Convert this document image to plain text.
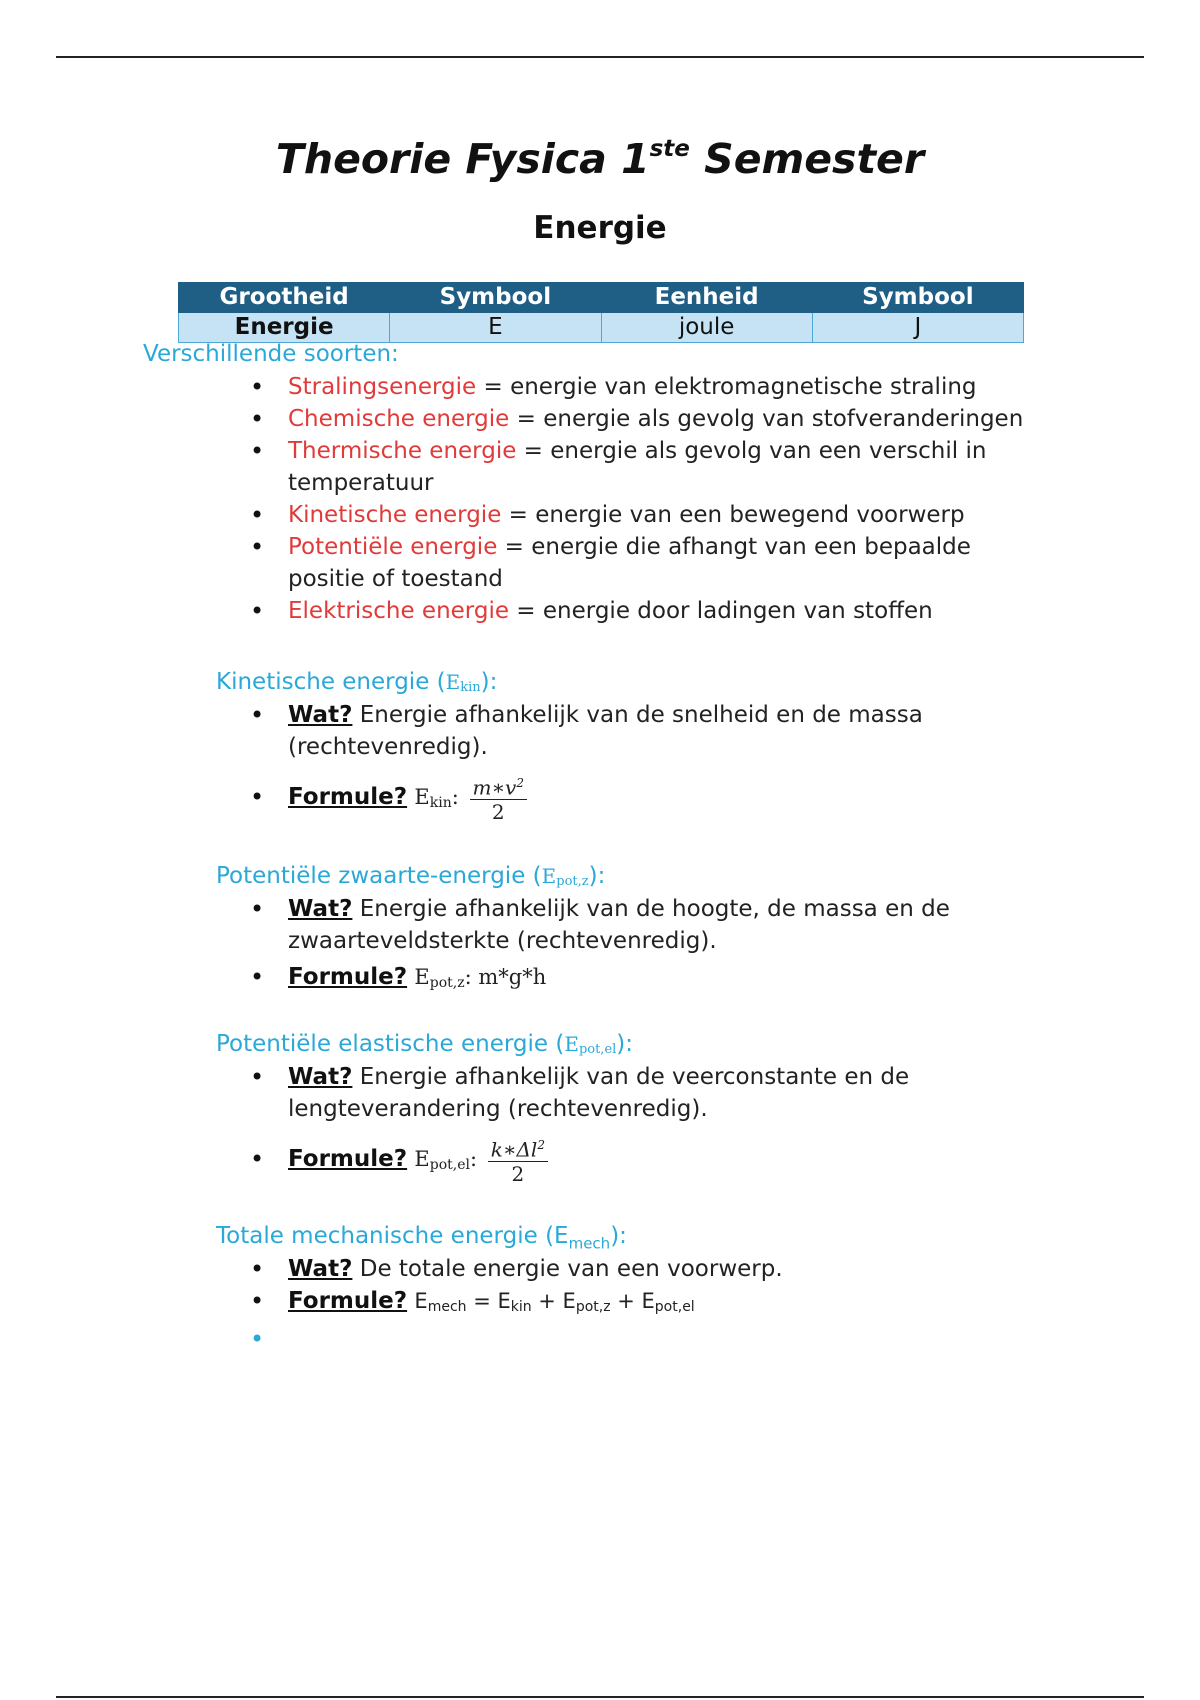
Theorie Fysica 1ste Semester
Energie
Grootheid	Symbool	Eenheid	Symbool
Energie	E	joule	J
Verschillende soorten:
• Stralingsenergie = energie van elektromagnetische straling
• Chemische energie = energie als gevolg van stofveranderingen
• Thermische energie = energie als gevolg van een verschil in temperatuur
• Kinetische energie = energie van een bewegend voorwerp
• Potentiële energie = energie die afhangt van een bepaalde positie of toestand
• Elektrische energie = energie door ladingen van stoffen
Kinetische energie $(E_{kin})$:
• Wat? Energie afhankelijk van de snelheid en de massa (rechtevenredig).
• Formule? $E_{kin}$: $\frac{m∗v^2}{2}$
Potentiële zwaarte-energie $(E_{pot,z})$:
• Wat? Energie afhankelijk van de hoogte, de massa en de zwaarteveldsterkte (rechtevenredig).
• Formule? $E_{pot,z}$: m*g*h
Potentiële elastische energie $(E_{pot,el})$:
• Wat? Energie afhankelijk van de veerconstante en de lengteverandering (rechtevenredig).
• Formule? $E_{pot,el}$: $\frac{k∗\Delta l^2}{2}$
Totale mechanische energie $(E_{mech})$:
• Wat? De totale energie van een voorwerp.
• Formule? $E_{mech} = E_{kin} + E_{pot,z} + E_{pot,el}$
•
